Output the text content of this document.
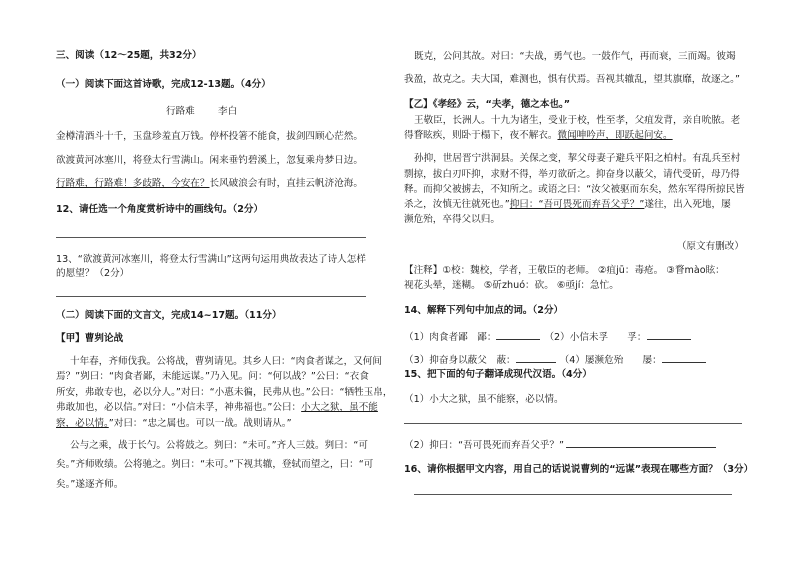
三、阅读（12～25题，共32分）
（一）阅读下面这首诗歌，完成12-13题。（4分）
行路难 李白
金樽清酒斗十千，玉盘珍羞直万钱。停杯投箸不能食，拔剑四顾心茫然。
欲渡黄河冰塞川，将登太行雪满山。闲来垂钓碧溪上，忽复乘舟梦日边。
行路难，行路难！多歧路，今安在？长风破浪会有时，直挂云帆济沧海。
12、请任选一个角度赏析诗中的画线句。（2分）
13、“欲渡黄河冰塞川，将登太行雪满山”这两句运用典故表达了诗人怎样
的愿望？（2分）
（二）阅读下面的文言文，完成14~17题。（11分）
【甲】曹刿论战
十年春，齐师伐我。公将战，曹刿请见。其乡人曰：“肉食者谋之，又何间
焉？”刿曰：“肉食者鄙，未能远谋。”乃入见。问：“何以战？”公曰：“衣食
所安，弗敢专也，必以分人。”对曰：“小惠未徧，民弗从也。”公曰：“牺牲玉帛，
弗敢加也，必以信。”对曰：“小信未孚，神弗福也。”公曰：小大之狱，虽不能
察，必以情。”对曰：“忠之属也。可以一战。战则请从。”
公与之乘，战于长勺。公将鼓之。刿曰：“未可。”齐人三鼓。刿曰：“可
矣。”齐师败绩。公将驰之。刿曰：“未可。”下视其辙，登轼而望之，曰：“可
矣。”遂逐齐师。
既克，公问其故。对曰：“夫战，勇气也。一鼓作气，再而衰，三而竭。彼竭
我盈，故克之。夫大国，难测也，惧有伏焉。吾视其辙乱，望其旗靡，故逐之。”
【乙】《孝经》云，“夫孝，德之本也。”
王敬臣，长洲人。十九为诸生，受业于校，性至孝，父疽发背，亲自吮脓。老
得瞀眩疾，则卧于榻下，夜不解衣。微闻呻吟声，即跃起问安。
孙抑，世居晋宁洪洞县。关保之变，挈父母妻子避兵平阳之柏村。有乱兵至村
剽掠，拔白刃吓抑，求财不得，举刃欲斫之。抑奋身以蔽父，请代受斫，母乃得
释。而抑父被掳去，不知所之。或语之曰：“汝父被驱而东矣，然东军得所掠民皆
杀之，汝慎无往就死也。”抑曰：“吾可畏死而弃吾父乎？”遂往，出入死地，屡
濒危殆，卒得父以归。
（原文有删改）
【注释】①校：魏校，学者，王敬臣的老师。 ②疽jū：毒疮。 ③瞀mào眩：
视花头晕，迷糊。 ⑤斫zhuó：砍。 ⑥亟jí：急忙。
14、解释下列句中加点的词。（2分）
（1）肉食者鄙　鄙：	（2）小信未孚　　孚：
（3）抑奋身以蔽父　蔽：	（4）屡濒危殆　　屡：
15、把下面的句子翻译成现代汉语。（4分）
（1）小大之狱，虽不能察，必以情。
（2）抑曰：“吾可畏死而弃吾父乎？”
16、请你根据甲文内容，用自己的话说说曹刿的“远谋”表现在哪些方面？（3分）
